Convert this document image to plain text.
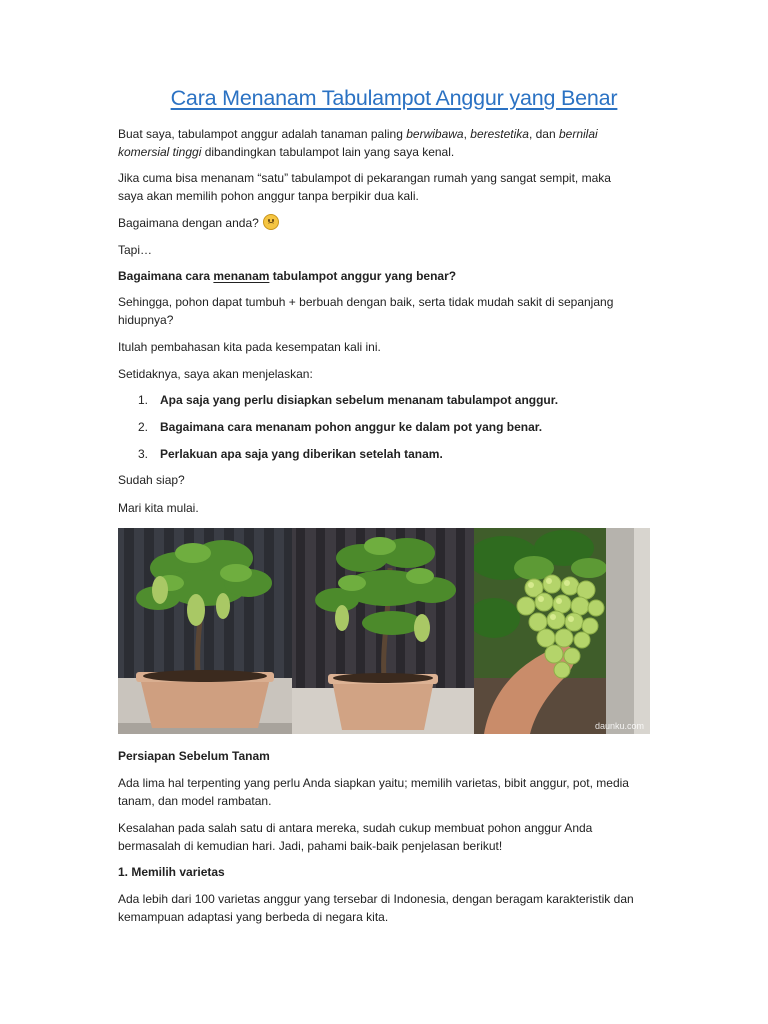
Cara Menanam Tabulampot Anggur yang Benar

Buat saya, tabulampot anggur adalah tanaman paling berwibawa, berestetika, dan bernilai komersial tinggi dibandingkan tabulampot lain yang saya kenal.

Jika cuma bisa menanam “satu” tabulampot di pekarangan rumah yang sangat sempit, maka saya akan memilih pohon anggur tanpa berpikir dua kali.

Bagaimana dengan anda?

Tapi…

Bagaimana cara menanam tabulampot anggur yang benar?

Sehingga, pohon dapat tumbuh + berbuah dengan baik, serta tidak mudah sakit di sepanjang hidupnya?

Itulah pembahasan kita pada kesempatan kali ini.

Setidaknya, saya akan menjelaskan:

1. Apa saja yang perlu disiapkan sebelum menanam tabulampot anggur.
2. Bagaimana cara menanam pohon anggur ke dalam pot yang benar.
3. Perlakuan apa saja yang diberikan setelah tanam.

Sudah siap?

Mari kita mulai.

daunku.com

Persiapan Sebelum Tanam

Ada lima hal terpenting yang perlu Anda siapkan yaitu; memilih varietas, bibit anggur, pot, media tanam, dan model rambatan.

Kesalahan pada salah satu di antara mereka, sudah cukup membuat pohon anggur Anda bermasalah di kemudian hari. Jadi, pahami baik-baik penjelasan berikut!

1. Memilih varietas

Ada lebih dari 100 varietas anggur yang tersebar di Indonesia, dengan beragam karakteristik dan kemampuan adaptasi yang berbeda di negara kita.
